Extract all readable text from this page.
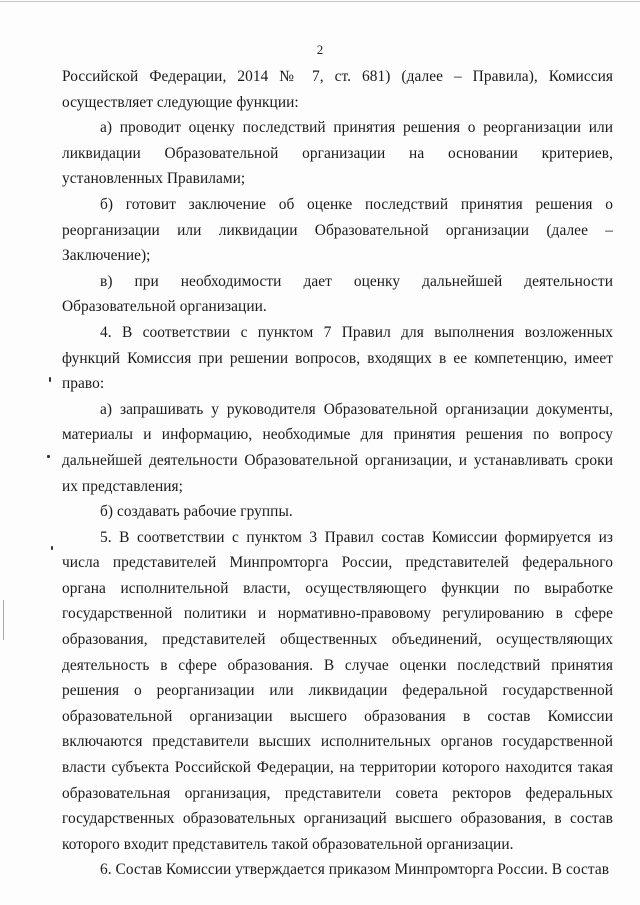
2

Российской Федерации, 2014 № 7, ст. 681) (далее – Правила), Комиссия осуществляет следующие функции:

а) проводит оценку последствий принятия решения о реорганизации или ликвидации Образовательной организации на основании критериев, установленных Правилами;

б) готовит заключение об оценке последствий принятия решения о реорганизации или ликвидации Образовательной организации (далее – Заключение);

в) при необходимости дает оценку дальнейшей деятельности Образовательной организации.

4. В соответствии с пунктом 7 Правил для выполнения возложенных функций Комиссия при решении вопросов, входящих в ее компетенцию, имеет право:

а) запрашивать у руководителя Образовательной организации документы, материалы и информацию, необходимые для принятия решения по вопросу дальнейшей деятельности Образовательной организации, и устанавливать сроки их представления;

б) создавать рабочие группы.

5. В соответствии с пунктом 3 Правил состав Комиссии формируется из числа представителей Минпромторга России, представителей федерального органа исполнительной власти, осуществляющего функции по выработке государственной политики и нормативно-правовому регулированию в сфере образования, представителей общественных объединений, осуществляющих деятельность в сфере образования. В случае оценки последствий принятия решения о реорганизации или ликвидации федеральной государственной образовательной организации высшего образования в состав Комиссии включаются представители высших исполнительных органов государственной власти субъекта Российской Федерации, на территории которого находится такая образовательная организация, представители совета ректоров федеральных государственных образовательных организаций высшего образования, в состав которого входит представитель такой образовательной организации.

6. Состав Комиссии утверждается приказом Минпромторга России. В состав
